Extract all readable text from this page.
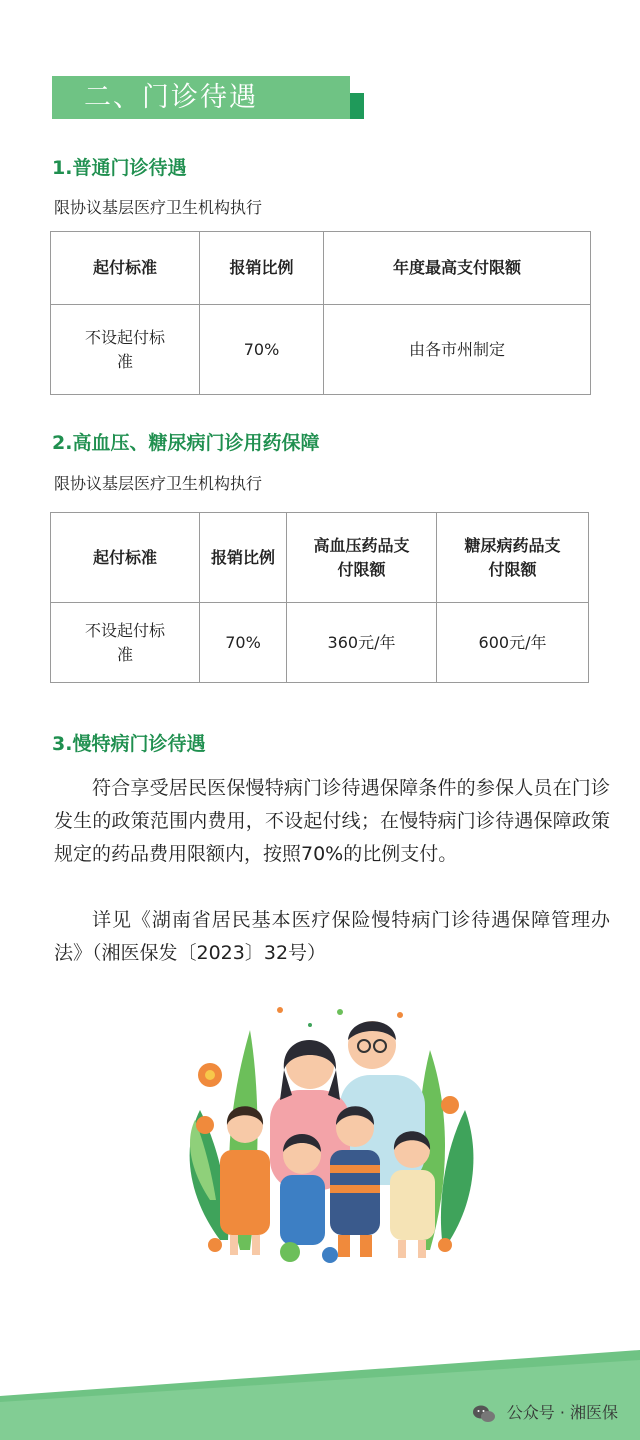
二、门诊待遇
1.普通门诊待遇
限协议基层医疗卫生机构执行
起付标准	报销比例	年度最高支付限额
不设起付标准	70%	由各市州制定
2.高血压、糖尿病门诊用药保障
限协议基层医疗卫生机构执行
起付标准	报销比例	高血压药品支付限额	糖尿病药品支付限额
不设起付标准	70%	360元/年	600元/年
3.慢特病门诊待遇

符合享受居民医保慢特病门诊待遇保障条件的参保人员在门诊发生的政策范围内费用，不设起付线；在慢特病门诊待遇保障政策规定的药品费用限额内，按照70%的比例支付。

详见《湖南省居民基本医疗保险慢特病门诊待遇保障管理办法》（湘医保发〔2023〕32号）

公众号 · 湘医保
